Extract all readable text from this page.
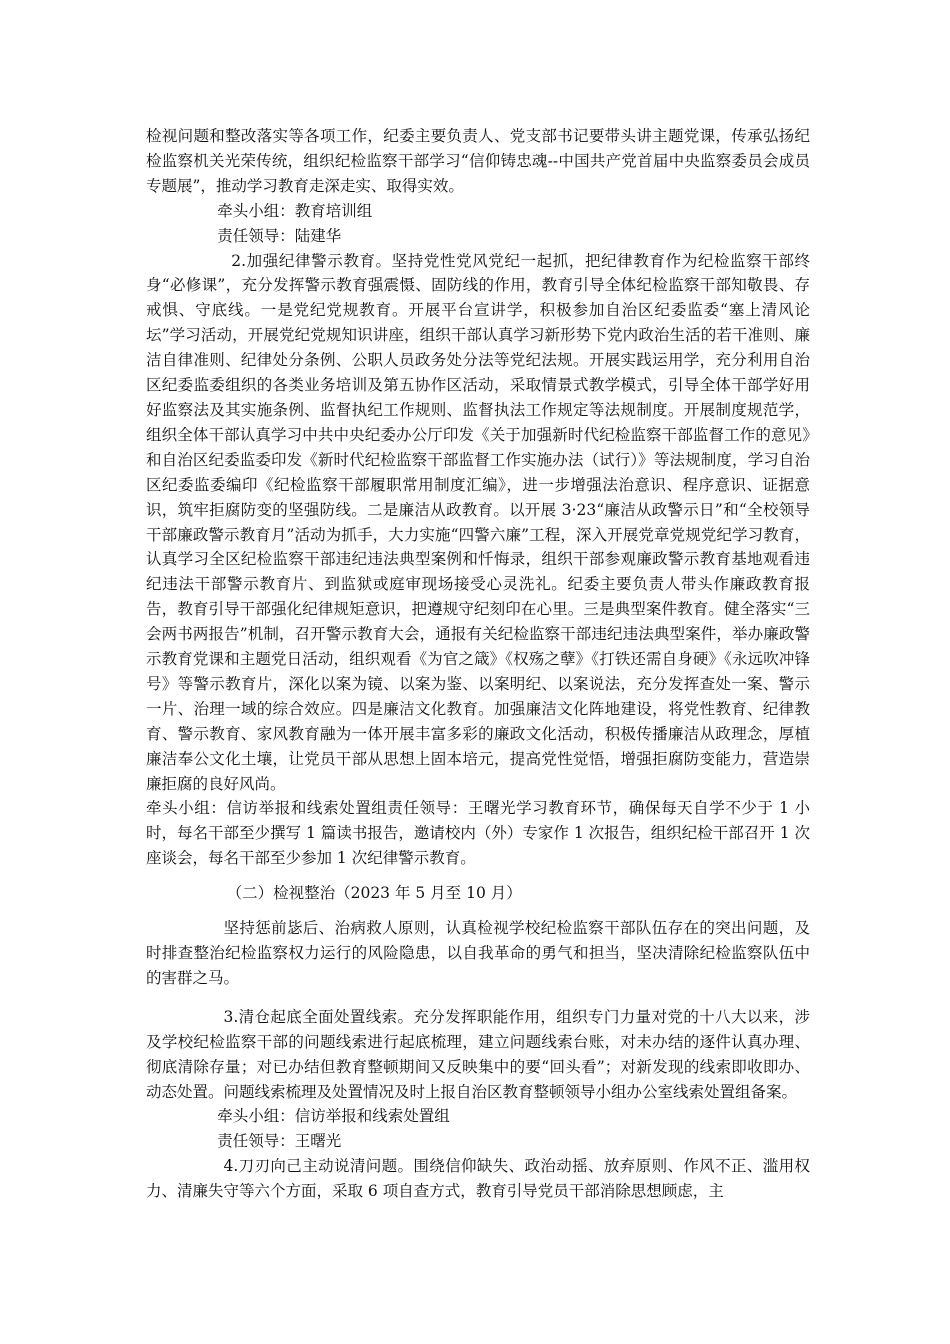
检视问题和整改落实等各项工作，纪委主要负责人、党支部书记要带头讲主题党课，传承弘扬纪检监察机关光荣传统，组织纪检监察干部学习“信仰铸忠魂--中国共产党首届中央监察委员会成员专题展”，推动学习教育走深走实、取得实效。

牵头小组：教育培训组

责任领导：陆建华

2.加强纪律警示教育。坚持党性党风党纪一起抓，把纪律教育作为纪检监察干部终身“必修课”，充分发挥警示教育强震慑、固防线的作用，教育引导全体纪检监察干部知敬畏、存戒惧、守底线。一是党纪党规教育。开展平台宣讲学，积极参加自治区纪委监委“塞上清风论坛”学习活动，开展党纪党规知识讲座，组织干部认真学习新形势下党内政治生活的若干准则、廉洁自律准则、纪律处分条例、公职人员政务处分法等党纪法规。开展实践运用学，充分利用自治区纪委监委组织的各类业务培训及第五协作区活动，采取情景式教学模式，引导全体干部学好用好监察法及其实施条例、监督执纪工作规则、监督执法工作规定等法规制度。开展制度规范学，组织全体干部认真学习中共中央纪委办公厅印发《关于加强新时代纪检监察干部监督工作的意见》和自治区纪委监委印发《新时代纪检监察干部监督工作实施办法（试行）》等法规制度，学习自治区纪委监委编印《纪检监察干部履职常用制度汇编》，进一步增强法治意识、程序意识、证据意识，筑牢拒腐防变的坚强防线。二是廉洁从政教育。以开展 3·23“廉洁从政警示日”和“全校领导干部廉政警示教育月”活动为抓手，大力实施“四警六廉”工程，深入开展党章党规党纪学习教育，认真学习全区纪检监察干部违纪违法典型案例和忏悔录，组织干部参观廉政警示教育基地观看违纪违法干部警示教育片、到监狱或庭审现场接受心灵洗礼。纪委主要负责人带头作廉政教育报告，教育引导干部强化纪律规矩意识，把遵规守纪刻印在心里。三是典型案件教育。健全落实“三会两书两报告”机制，召开警示教育大会，通报有关纪检监察干部违纪违法典型案件，举办廉政警示教育党课和主题党日活动，组织观看《为官之箴》《权殇之孽》《打铁还需自身硬》《永远吹冲锋号》等警示教育片，深化以案为镜、以案为鉴、以案明纪、以案说法，充分发挥查处一案、警示一片、治理一域的综合效应。四是廉洁文化教育。加强廉洁文化阵地建设，将党性教育、纪律教育、警示教育、家风教育融为一体开展丰富多彩的廉政文化活动，积极传播廉洁从政理念，厚植廉洁奉公文化土壤，让党员干部从思想上固本培元，提高党性觉悟，增强拒腐防变能力，营造崇廉拒腐的良好风尚。

牵头小组：信访举报和线索处置组责任领导：王曙光学习教育环节，确保每天自学不少于 1 小时，每名干部至少撰写 1 篇读书报告，邀请校内（外）专家作 1 次报告，组织纪检干部召开 1 次座谈会，每名干部至少参加 1 次纪律警示教育。

（二）检视整治（2023 年 5 月至 10 月）

坚持惩前毖后、治病救人原则，认真检视学校纪检监察干部队伍存在的突出问题，及时排查整治纪检监察权力运行的风险隐患，以自我革命的勇气和担当，坚决清除纪检监察队伍中的害群之马。

3.清仓起底全面处置线索。充分发挥职能作用，组织专门力量对党的十八大以来，涉及学校纪检监察干部的问题线索进行起底梳理，建立问题线索台账，对未办结的逐件认真办理、彻底清除存量；对已办结但教育整顿期间又反映集中的要“回头看”；对新发现的线索即收即办、动态处置。问题线索梳理及处置情况及时上报自治区教育整顿领导小组办公室线索处置组备案。

牵头小组：信访举报和线索处置组

责任领导：王曙光

4.刀刃向己主动说清问题。围绕信仰缺失、政治动摇、放弃原则、作风不正、滥用权力、清廉失守等六个方面，采取 6 项自查方式，教育引导党员干部消除思想顾虑，主
